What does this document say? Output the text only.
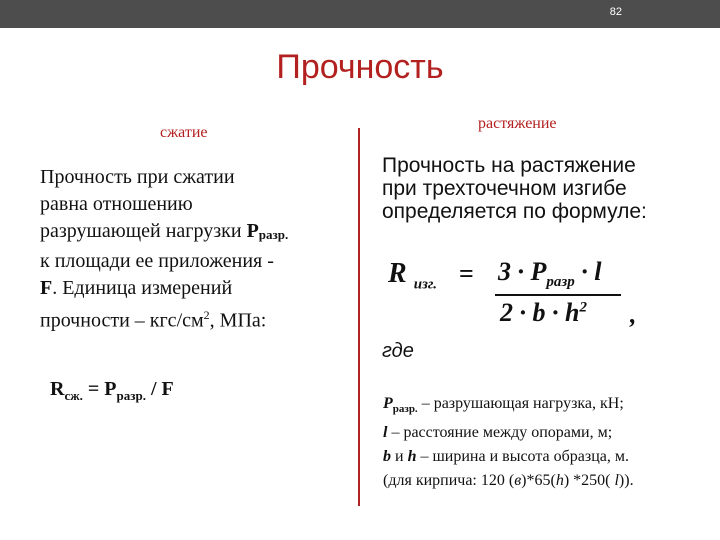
82
Прочность
сжатие
растяжение
Прочность при сжатии
равна отношению
разрушающей нагрузки $P_{разр.}$
к площади ее приложения -
F. Единица измерений
прочности – кгс/$см^2$, МПа:
$R_{сж.} = P_{разр.} / F$
Прочность на растяжение
при трехточечном изгибе
определяется по формуле:
R $_{изг.} = 3 \cdot P_{разр} \cdot l$
$2 \cdot b \cdot h^2$ ,
где
$P_{разр.}$ – разрушающая нагрузка, кН;
l – расстояние между опорами, м;
b и h – ширина и высота образца, м.
(для кирпича: 120 (в)*65(h) *250( l)).
